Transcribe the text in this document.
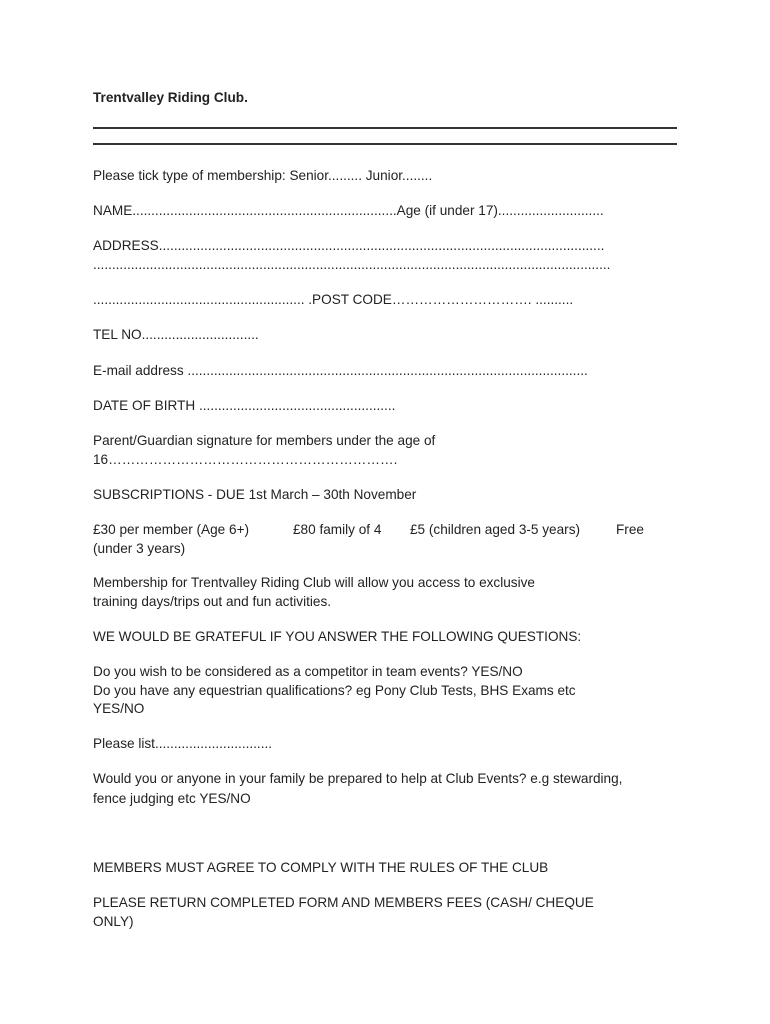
Trentvalley Riding Club.

Please tick type of membership: Senior......... Junior........

NAME......................................................................Age (if under 17)............................

ADDRESS......................................................................................................................

.........................................................................................................................................

........................................................ .POST CODE…………………………. ..........

TEL NO...............................

E-mail address ..........................................................................................................

DATE OF BIRTH ....................................................

Parent/Guardian signature for members under the age of

16……………………………………………………….

SUBSCRIPTIONS - DUE 1st March – 30th November

£30 per member (Age 6+)	£80 family of 4 £5 (children aged 3-5 years)	Free

(under 3 years)

Membership for Trentvalley Riding Club will allow you access to exclusive

training days/trips out and fun activities.

WE WOULD BE GRATEFUL IF YOU ANSWER THE FOLLOWING QUESTIONS:

Do you wish to be considered as a competitor in team events? YES/NO

Do you have any equestrian qualifications? eg Pony Club Tests, BHS Exams etc

YES/NO

Please list...............................

Would you or anyone in your family be prepared to help at Club Events? e.g stewarding,

fence judging etc YES/NO

MEMBERS MUST AGREE TO COMPLY WITH THE RULES OF THE CLUB

PLEASE RETURN COMPLETED FORM AND MEMBERS FEES (CASH/ CHEQUE

ONLY)
